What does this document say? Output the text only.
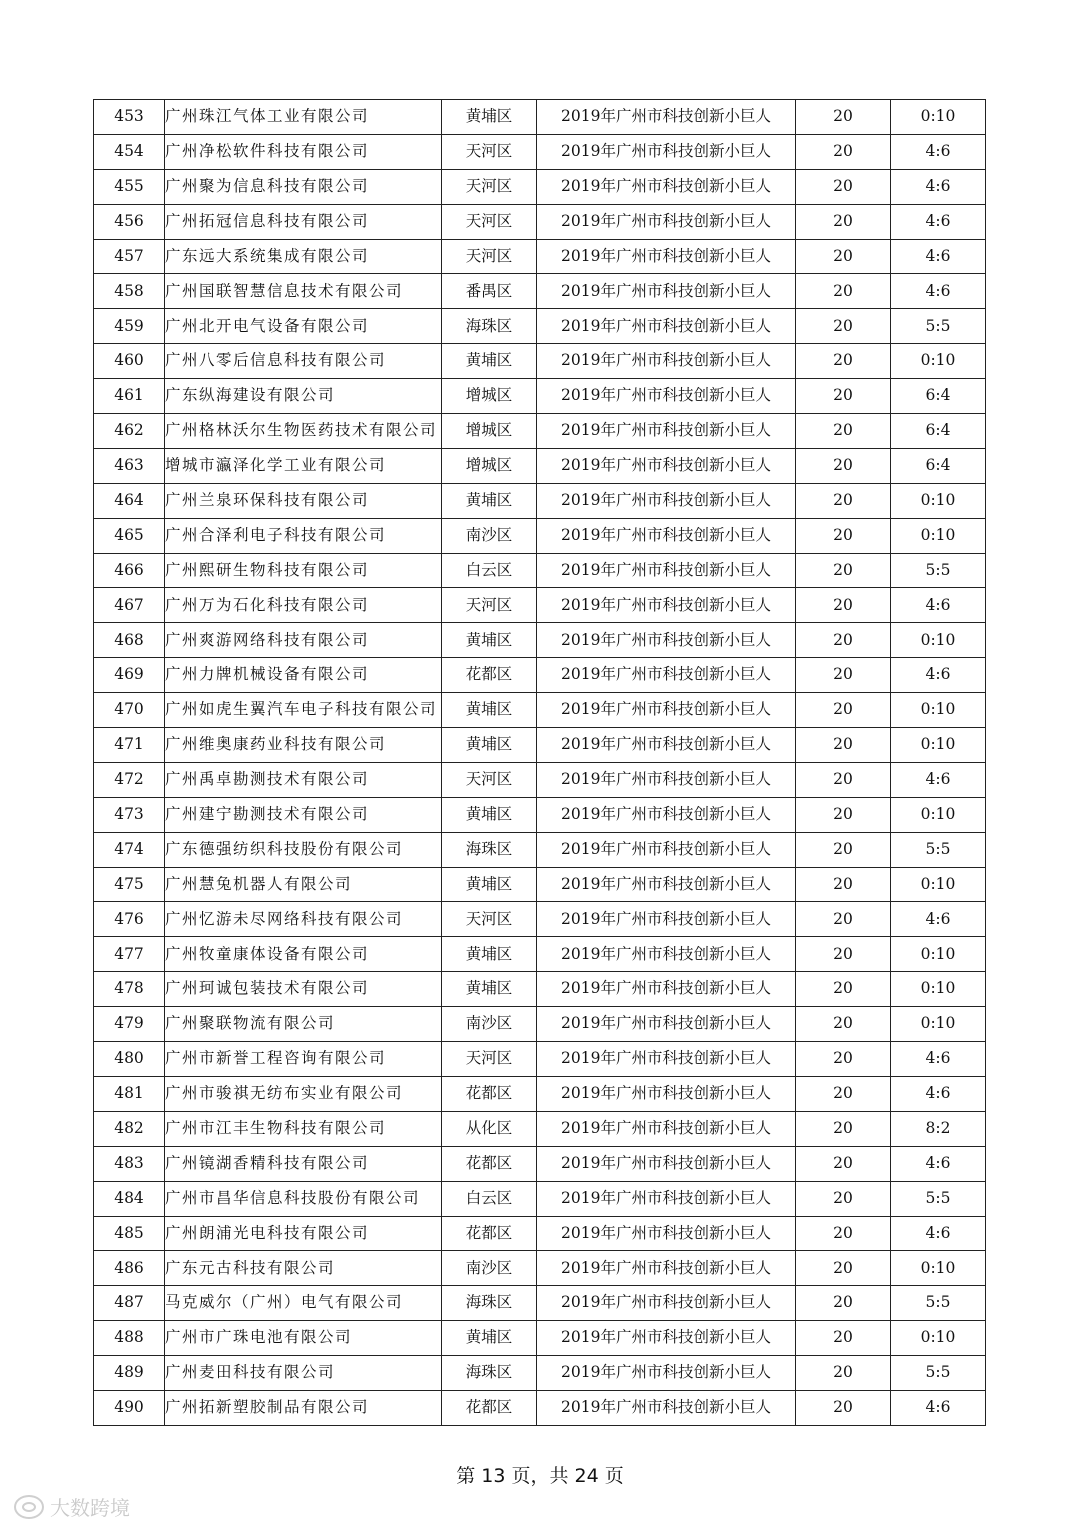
453	广州珠江气体工业有限公司	黄埔区	2019年广州市科技创新小巨人	20	0:10
454	广州净松软件科技有限公司	天河区	2019年广州市科技创新小巨人	20	4:6
455	广州聚为信息科技有限公司	天河区	2019年广州市科技创新小巨人	20	4:6
456	广州拓冠信息科技有限公司	天河区	2019年广州市科技创新小巨人	20	4:6
457	广东远大系统集成有限公司	天河区	2019年广州市科技创新小巨人	20	4:6
458	广州国联智慧信息技术有限公司	番禺区	2019年广州市科技创新小巨人	20	4:6
459	广州北开电气设备有限公司	海珠区	2019年广州市科技创新小巨人	20	5:5
460	广州八零后信息科技有限公司	黄埔区	2019年广州市科技创新小巨人	20	0:10
461	广东纵海建设有限公司	增城区	2019年广州市科技创新小巨人	20	6:4
462	广州格林沃尔生物医药技术有限公司	增城区	2019年广州市科技创新小巨人	20	6:4
463	增城市瀛泽化学工业有限公司	增城区	2019年广州市科技创新小巨人	20	6:4
464	广州兰泉环保科技有限公司	黄埔区	2019年广州市科技创新小巨人	20	0:10
465	广州合泽利电子科技有限公司	南沙区	2019年广州市科技创新小巨人	20	0:10
466	广州熙研生物科技有限公司	白云区	2019年广州市科技创新小巨人	20	5:5
467	广州万为石化科技有限公司	天河区	2019年广州市科技创新小巨人	20	4:6
468	广州爽游网络科技有限公司	黄埔区	2019年广州市科技创新小巨人	20	0:10
469	广州力牌机械设备有限公司	花都区	2019年广州市科技创新小巨人	20	4:6
470	广州如虎生翼汽车电子科技有限公司	黄埔区	2019年广州市科技创新小巨人	20	0:10
471	广州维奥康药业科技有限公司	黄埔区	2019年广州市科技创新小巨人	20	0:10
472	广州禹卓勘测技术有限公司	天河区	2019年广州市科技创新小巨人	20	4:6
473	广州建宁勘测技术有限公司	黄埔区	2019年广州市科技创新小巨人	20	0:10
474	广东德强纺织科技股份有限公司	海珠区	2019年广州市科技创新小巨人	20	5:5
475	广州慧兔机器人有限公司	黄埔区	2019年广州市科技创新小巨人	20	0:10
476	广州忆游未尽网络科技有限公司	天河区	2019年广州市科技创新小巨人	20	4:6
477	广州牧童康体设备有限公司	黄埔区	2019年广州市科技创新小巨人	20	0:10
478	广州珂诚包装技术有限公司	黄埔区	2019年广州市科技创新小巨人	20	0:10
479	广州聚联物流有限公司	南沙区	2019年广州市科技创新小巨人	20	0:10
480	广州市新誉工程咨询有限公司	天河区	2019年广州市科技创新小巨人	20	4:6
481	广州市骏祺无纺布实业有限公司	花都区	2019年广州市科技创新小巨人	20	4:6
482	广州市江丰生物科技有限公司	从化区	2019年广州市科技创新小巨人	20	8:2
483	广州镜湖香精科技有限公司	花都区	2019年广州市科技创新小巨人	20	4:6
484	广州市昌华信息科技股份有限公司	白云区	2019年广州市科技创新小巨人	20	5:5
485	广州朗浦光电科技有限公司	花都区	2019年广州市科技创新小巨人	20	4:6
486	广东元古科技有限公司	南沙区	2019年广州市科技创新小巨人	20	0:10
487	马克威尔（广州）电气有限公司	海珠区	2019年广州市科技创新小巨人	20	5:5
488	广州市广珠电池有限公司	黄埔区	2019年广州市科技创新小巨人	20	0:10
489	广州麦田科技有限公司	海珠区	2019年广州市科技创新小巨人	20	5:5
490	广州拓新塑胶制品有限公司	花都区	2019年广州市科技创新小巨人	20	4:6
第 13 页，共 24 页
大数跨境
